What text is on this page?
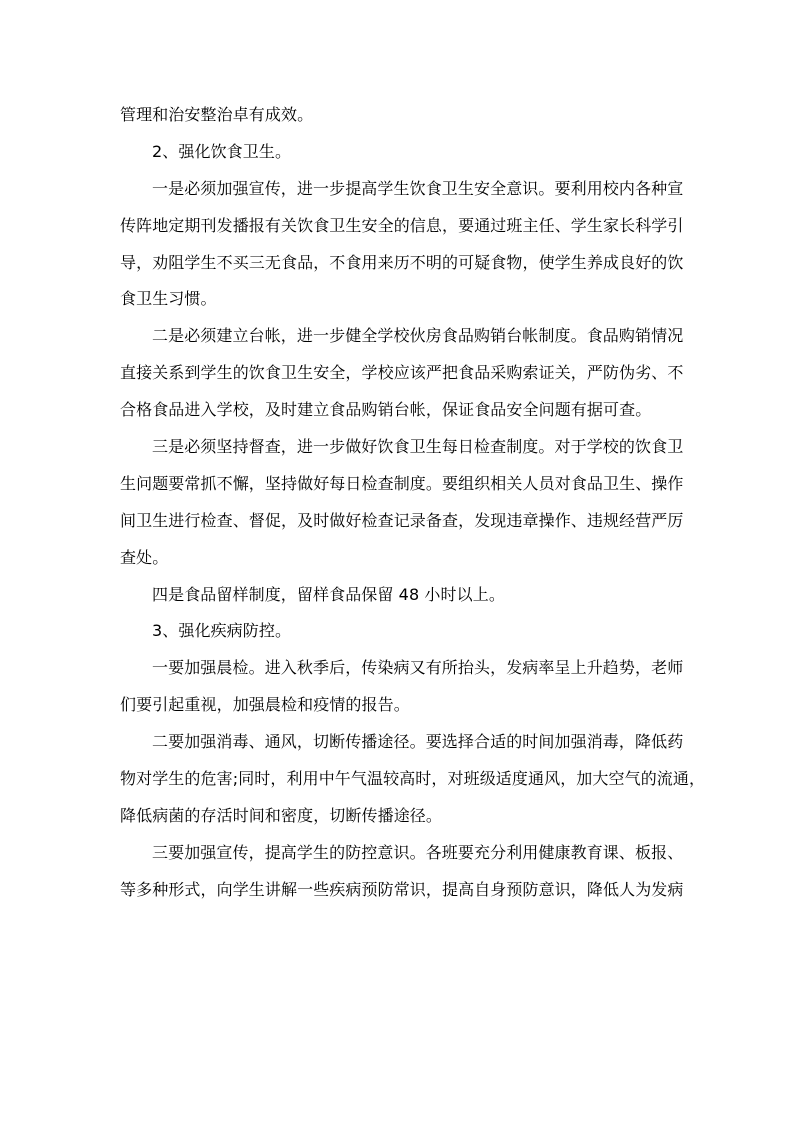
管理和治安整治卓有成效。
2、强化饮食卫生。
一是必须加强宣传，进一步提高学生饮食卫生安全意识。要利用校内各种宣
传阵地定期刊发播报有关饮食卫生安全的信息，要通过班主任、学生家长科学引
导，劝阻学生不买三无食品，不食用来历不明的可疑食物，使学生养成良好的饮
食卫生习惯。
二是必须建立台帐，进一步健全学校伙房食品购销台帐制度。食品购销情况
直接关系到学生的饮食卫生安全，学校应该严把食品采购索证关，严防伪劣、不
合格食品进入学校，及时建立食品购销台帐，保证食品安全问题有据可查。
三是必须坚持督查，进一步做好饮食卫生每日检查制度。对于学校的饮食卫
生问题要常抓不懈，坚持做好每日检查制度。要组织相关人员对食品卫生、操作
间卫生进行检查、督促，及时做好检查记录备查，发现违章操作、违规经营严厉
查处。
四是食品留样制度，留样食品保留 48 小时以上。
3、强化疾病防控。
一要加强晨检。进入秋季后，传染病又有所抬头，发病率呈上升趋势，老师
们要引起重视，加强晨检和疫情的报告。
二要加强消毒、通风，切断传播途径。要选择合适的时间加强消毒，降低药
物对学生的危害;同时，利用中午气温较高时，对班级适度通风，加大空气的流通，
降低病菌的存活时间和密度，切断传播途径。
三要加强宣传，提高学生的防控意识。各班要充分利用健康教育课、板报、
等多种形式，向学生讲解一些疾病预防常识，提高自身预防意识，降低人为发病
